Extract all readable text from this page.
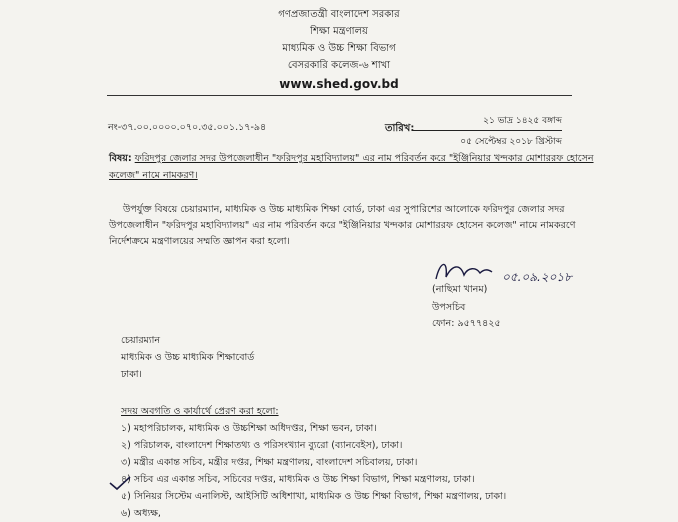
গণপ্রজাতন্ত্রী বাংলাদেশ সরকার
শিক্ষা মন্ত্রণালয়
মাধ্যমিক ও উচ্চ শিক্ষা বিভাগ
বেসরকারি কলেজ-৬ শাখা
www.shed.gov.bd
নং-৩৭.০০.০০০০.০৭০.৩৫.০০১.১৭-৯৪	তারিখ:
২১ ভাদ্র ১৪২৫ বঙ্গাব্দ
০৫ সেপ্টেম্বর ২০১৮ খ্রিস্টাব্দ
বিষয়: ফরিদপুর জেলার সদর উপজেলাধীন "ফরিদপুর মহাবিদ্যালয়" এর নাম পরিবর্তন করে "ইঞ্জিনিয়ার খন্দকার মোশাররফ হোসেন কলেজ" নামে নামকরণ।
উপর্যুক্ত বিষয়ে চেয়ারম্যান, মাধ্যমিক ও উচ্চ মাধ্যমিক শিক্ষা বোর্ড, ঢাকা এর সুপারিশের আলোকে ফরিদপুর জেলার সদর উপজেলাধীন "ফরিদপুর মহাবিদ্যালয়" এর নাম পরিবর্তন করে "ইঞ্জিনিয়ার খন্দকার মোশাররফ হোসেন কলেজ" নামে নামকরণে নির্দেশক্রমে মন্ত্রণালয়ের সম্মতি জ্ঞাপন করা হলো।
০৫.০৯.২০১৮
(নাছিমা খানম)
উপসচিব
ফোন: ৯৫৭৭৪২৫
চেয়ারম্যান
মাধ্যমিক ও উচ্চ মাধ্যমিক শিক্ষাবোর্ড
ঢাকা।
সদয় অবগতি ও কার্যার্থে প্রেরণ করা হলো:
১) মহাপরিচালক, মাধ্যমিক ও উচ্চশিক্ষা অধিদপ্তর, শিক্ষা ভবন, ঢাকা।
২) পরিচালক, বাংলাদেশ শিক্ষাতথ্য ও পরিসংখ্যান ব্যুরো (ব্যানবেইস), ঢাকা।
৩) মন্ত্রীর একান্ত সচিব, মন্ত্রীর দপ্তর, শিক্ষা মন্ত্রণালয়, বাংলাদেশ সচিবালয়, ঢাকা।
৪) সচিব এর একান্ত সচিব, সচিবের দপ্তর, মাধ্যমিক ও উচ্চ শিক্ষা বিভাগ, শিক্ষা মন্ত্রণালয়, ঢাকা।
৫) সিনিয়র সিস্টেম এনালিস্ট, আইসিটি অধিশাখা, মাধ্যমিক ও উচ্চ শিক্ষা বিভাগ, শিক্ষা মন্ত্রণালয়, ঢাকা।
৬) অধ্যক্ষ,
